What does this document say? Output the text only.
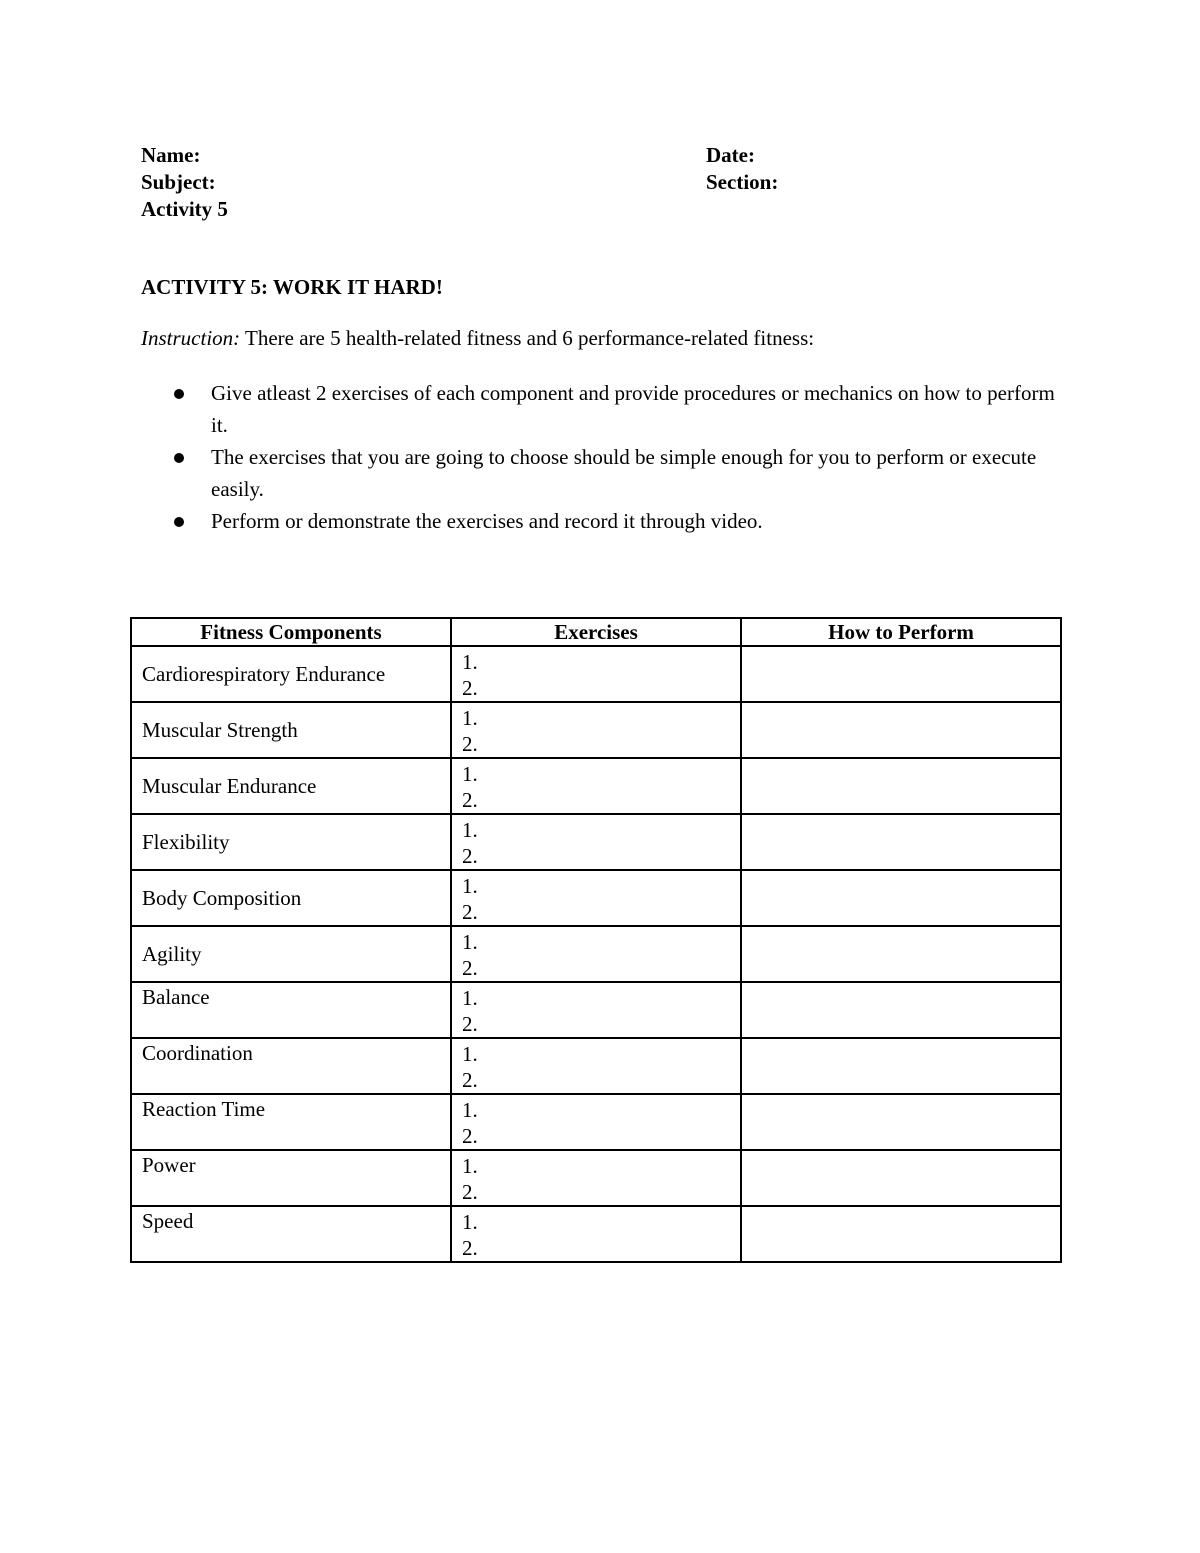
Name:
Subject:
Activity 5
Date:
Section:
ACTIVITY 5: WORK IT HARD!
Instruction: There are 5 health-related fitness and 6 performance-related fitness:
Give atleast 2 exercises of each component and provide procedures or mechanics on how to perform it.
The exercises that you are going to choose should be simple enough for you to perform or execute easily.
Perform or demonstrate the exercises and record it through video.
Fitness Components	Exercises	How to Perform
Cardiorespiratory Endurance	1.
2.	

Muscular Strength	1.
2.	

Muscular Endurance	1.
2.	

Flexibility	1.
2.	

Body Composition	1.
2.	

Agility	1.
2.	

Balance	1.
2.	

Coordination	1.
2.	

Reaction Time	1.
2.	

Power	1.
2.	

Speed	1.
2.	
